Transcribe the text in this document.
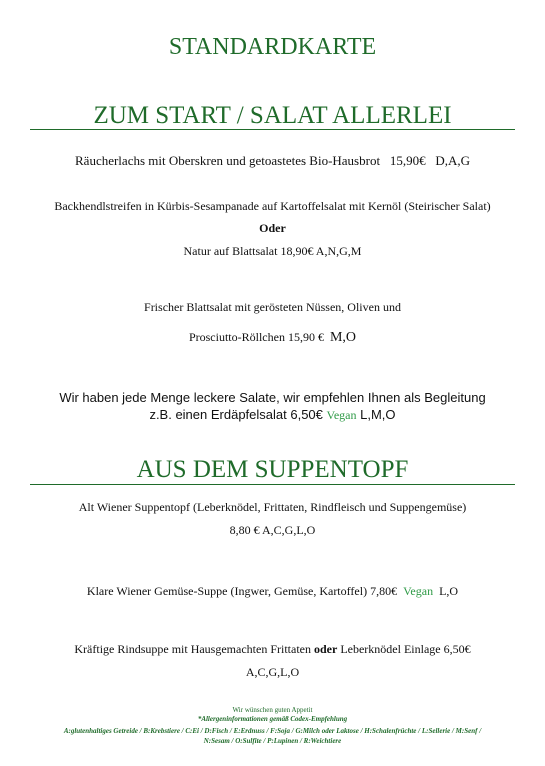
STANDARDKARTE
ZUM START / SALAT ALLERLEI
Räucherlachs mit Oberskren und getoastetes Bio-Hausbrot 15,90€ D,A,G
Backhendlstreifen in Kürbis-Sesampanade auf Kartoffelsalat mit Kernöl (Steirischer Salat)
Oder
Natur auf Blattsalat 18,90€ A,N,G,M
Frischer Blattsalat mit gerösteten Nüssen, Oliven und
Prosciutto-Röllchen 15,90 € M,O
Wir haben jede Menge leckere Salate, wir empfehlen Ihnen als Begleitung
z.B. einen Erdäpfelsalat 6,50€ Vegan L,M,O
AUS DEM SUPPENTOPF
Alt Wiener Suppentopf (Leberknödel, Frittaten, Rindfleisch und Suppengemüse)
8,80 € A,C,G,L,O
Klare Wiener Gemüse-Suppe (Ingwer, Gemüse, Kartoffel) 7,80€ Vegan L,O
Kräftige Rindsuppe mit Hausgemachten Frittaten oder Leberknödel Einlage 6,50€
A,C,G,L,O
Wir wünschen guten Appetit
*Allergeninformationen gemäß Codex-Empfehlung
A:glutenhaltiges Getreide / B:Krebstiere / C:Ei / D:Fisch / E:Erdnuss / F:Soja / G:Milch oder Laktose / H:Schalenfrüchte / L:Sellerie / M:Senf /
N:Sesam / O:Sulfite / P:Lupinen / R:Weichtiere
